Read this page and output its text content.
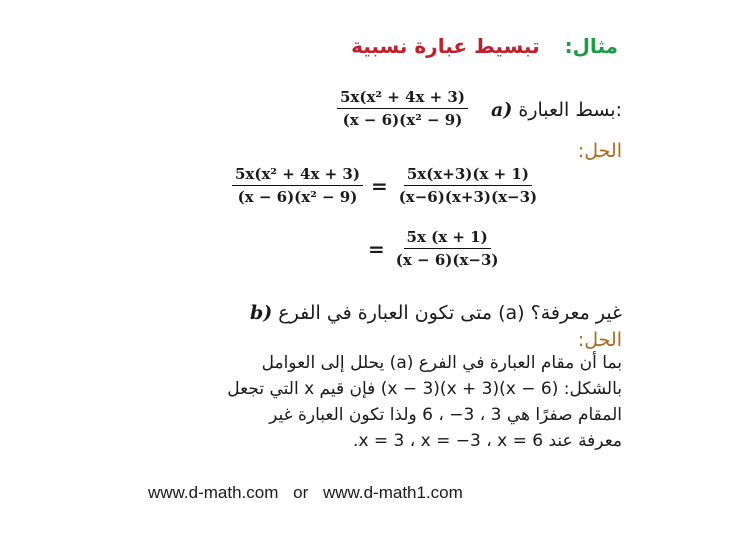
مثال: تبسيط عبارة نسبية
$\frac{\text{5x(x² + 4x + 3)}}{\text{(x − 6)(x² − 9)}} a$) بسط العبارة:
الحل:
$\frac{\text{5x(x² + 4x + 3)}}{\text{(x − 6)(x² − 9)}} = \frac{5x(x+3)(x + 1)}{(x-6)(x+3)(x-3)}$
= $\frac{5x (x + 1)}{(x - 6)(x-3)}$
b) متى تكون العبارة في الفرع (a) غير معرفة؟
الحل:
بما أن مقام العبارة في الفرع (a) يحلل إلى العوامل
بالشكل: (x − 6)(x + 3)(x − 3) فإن قيم x التي تجعل
المقام صفرًا هي 3 ، 3− ، 6 ولذا تكون العبارة غير
معرفة عند x = 3 ، x = −3 ، x = 6.
www.d-math.com or www.d-math1.com
